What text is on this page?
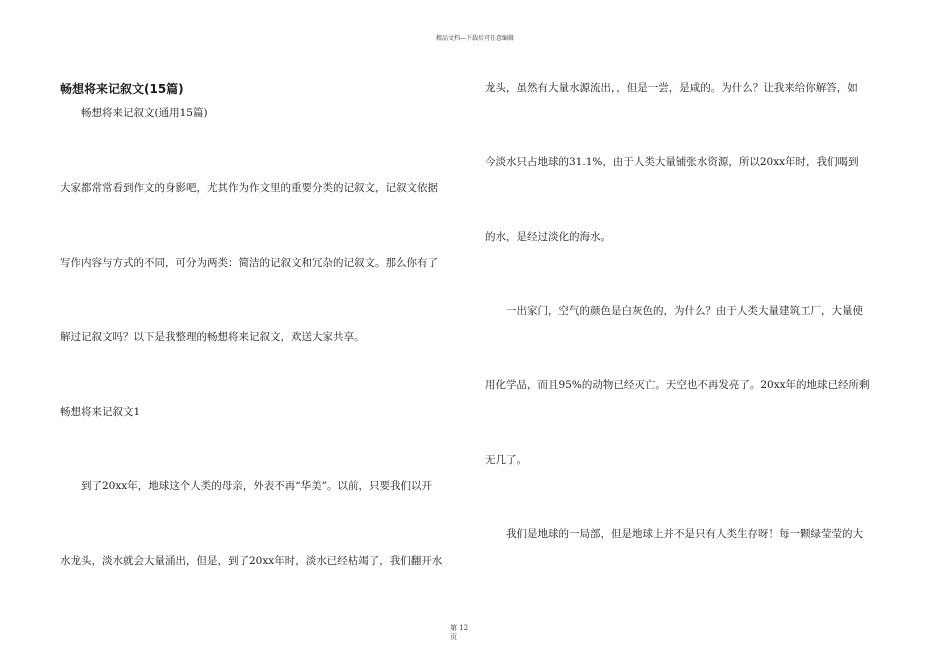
精品文档---下载后可任意编辑
畅想将来记叙文(15篇)
　　畅想将来记叙文(通用15篇)
大家都常常看到作文的身影吧，尤其作为作文里的重要分类的记叙文，记叙文依据
写作内容与方式的不同，可分为两类：简洁的记叙文和冗杂的记叙文。那么你有了
解过记叙文吗？以下是我整理的畅想将来记叙文，欢送大家共享。
畅想将来记叙文1
　　到了20xx年，地球这个人类的母亲，外表不再“华美”。以前，只要我们以开
水龙头，淡水就会大量涌出，但是，到了20xx年时，淡水已经枯竭了，我们翻开水
龙头，虽然有大量水源流出，，但是一尝，是咸的。为什么？让我来给你解答，如
今淡水只占地球的31.1%，由于人类大量铺张水资源，所以20xx年时，我们喝到
的水，是经过淡化的海水。
　　一出家门，空气的颜色是白灰色的，为什么？由于人类大量建筑工厂，大量使
用化学品，而且95%的动物已经灭亡。天空也不再发亮了。20xx年的地球已经所剩
无几了。
　　我们是地球的一局部，但是地球上并不是只有人类生存呀！每一颗绿莹莹的大
第 12
页
